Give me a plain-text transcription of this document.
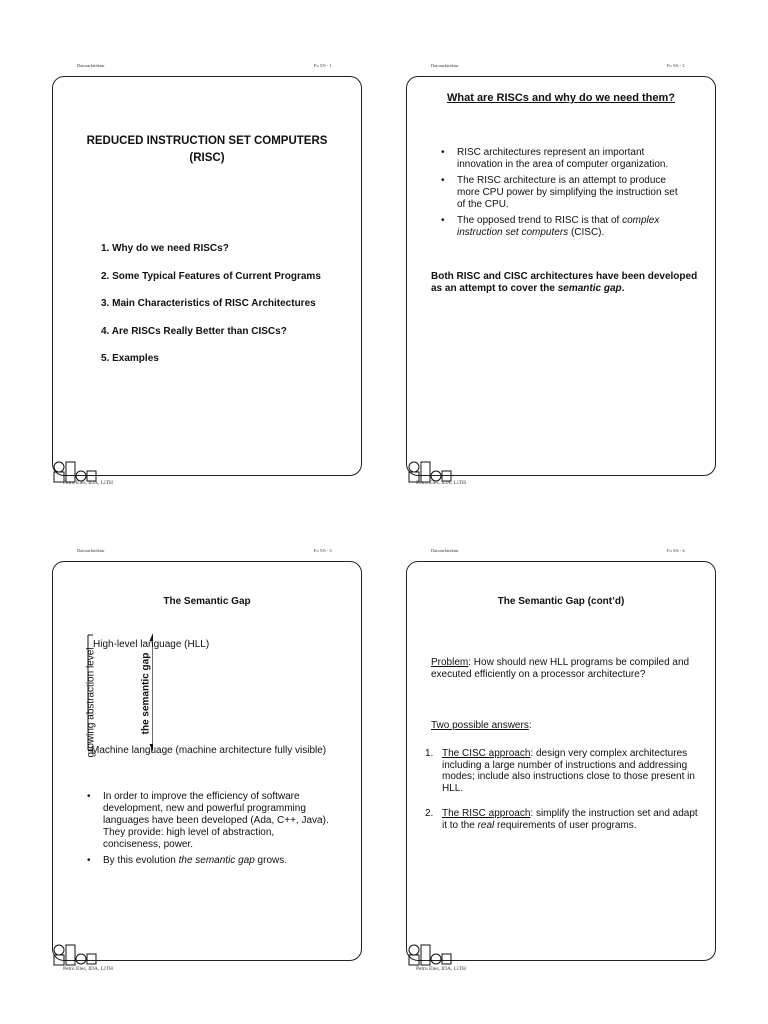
Datorarkitektur	Fo 5/6 - 1
REDUCED INSTRUCTION SET COMPUTERS
(RISC)
1. Why do we need RISCs?
2. Some Typical Features of Current Programs
3. Main Characteristics of RISC Architectures
4. Are RISCs Really Better than CISCs?
5. Examples
Petru Eles, IDA, LiTH
Datorarkitektur	Fo 5/6 - 2
What are RISCs and why do we need them?
• RISC architectures represent an important innovation in the area of computer organization.
• The RISC architecture is an attempt to produce more CPU power by simplifying the instruction set of the CPU.
• The opposed trend to RISC is that of complex instruction set computers (CISC).
Both RISC and CISC architectures have been developed as an attempt to cover the semantic gap.
Petru Eles, IDA, LiTH
Datorarkitektur	Fo 5/6 - 3
The Semantic Gap
growing abstraction level	the semantic gap
High-level language (HLL)
Machine language (machine architecture fully visible)
• In order to improve the efficiency of software development, new and powerful programming languages have been developed (Ada, C++, Java). They provide: high level of abstraction, conciseness, power.
• By this evolution the semantic gap grows.
Petru Eles, IDA, LiTH
Datorarkitektur	Fo 5/6 - 4
The Semantic Gap (cont’d)
Problem: How should new HLL programs be compiled and executed efficiently on a processor architecture?
Two possible answers:
1. The CISC approach: design very complex architectures including a large number of instructions and addressing modes; include also instructions close to those present in HLL.
2. The RISC approach: simplify the instruction set and adapt it to the real requirements of user programs.
Petru Eles, IDA, LiTH
